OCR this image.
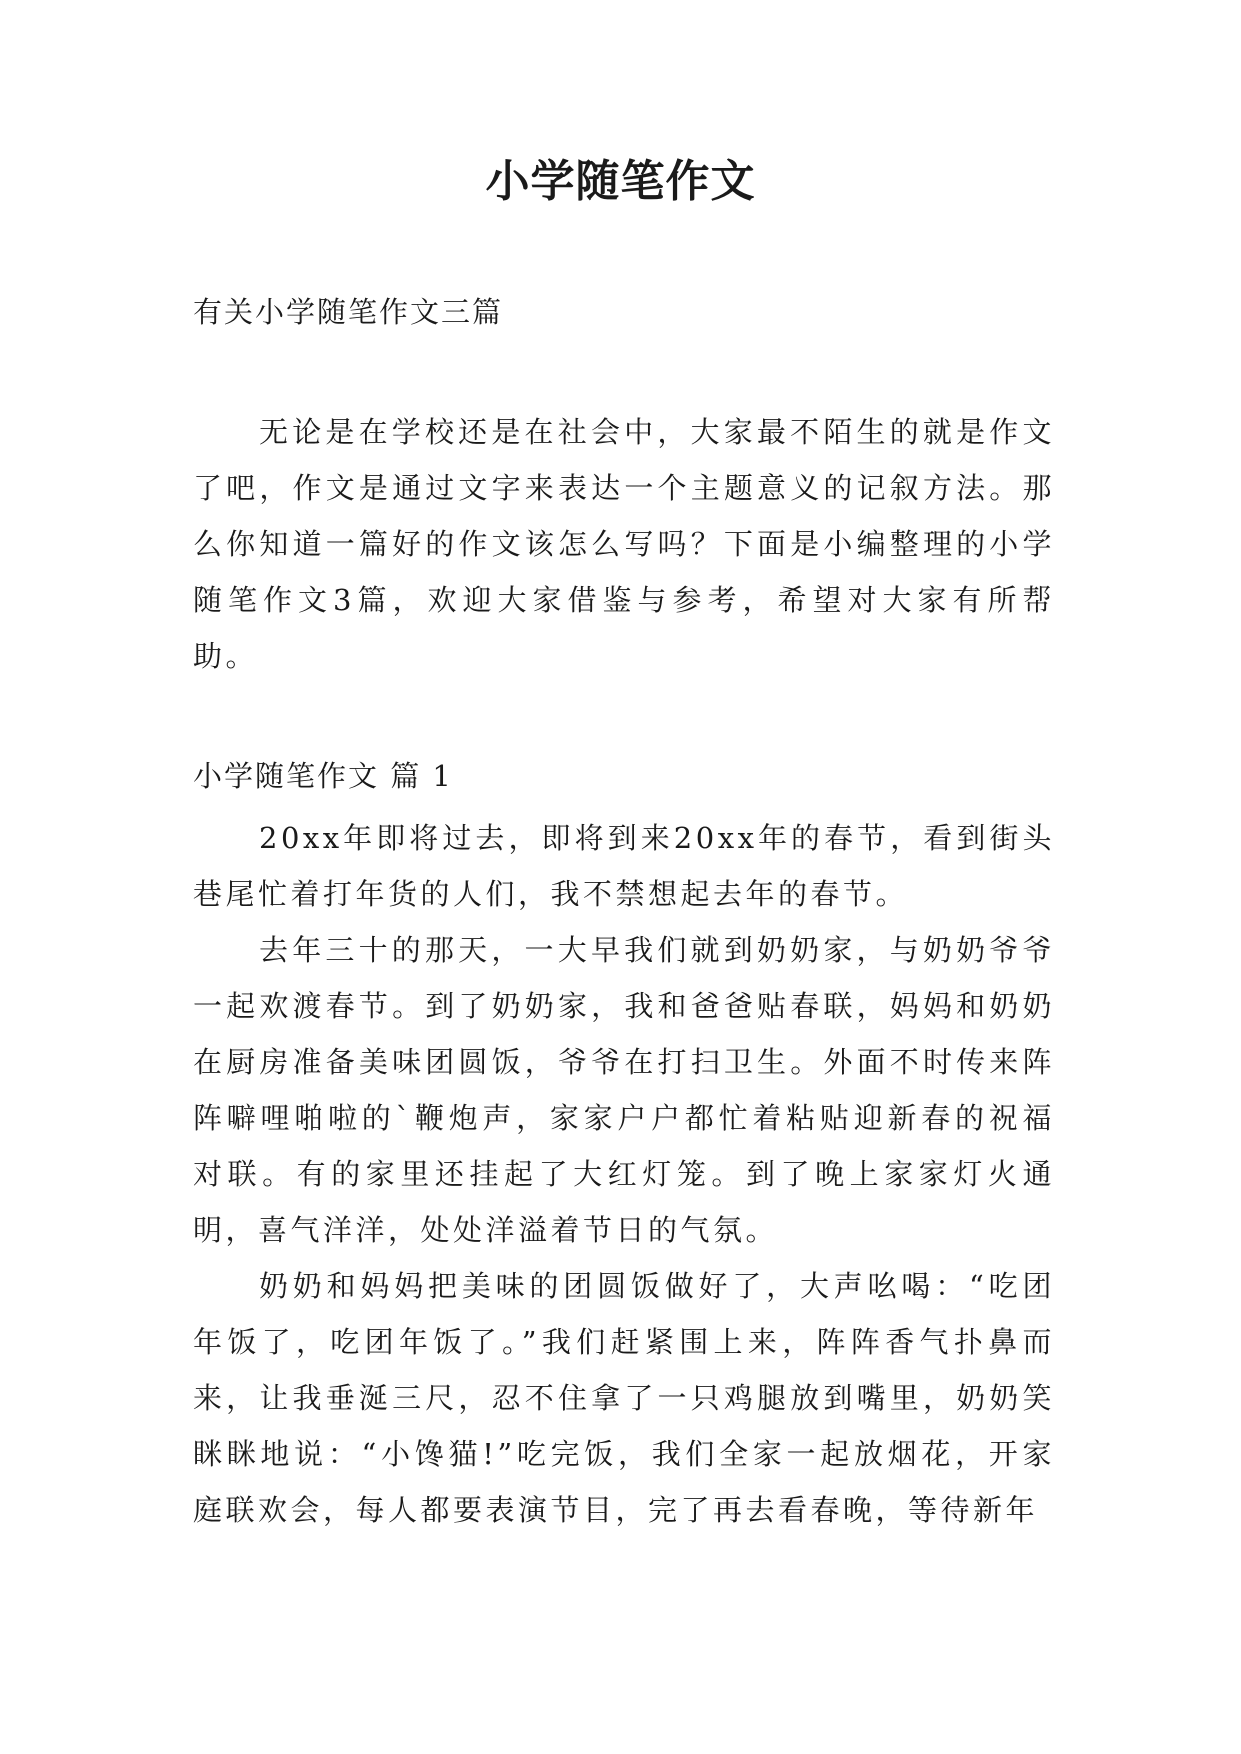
小学随笔作文
有关小学随笔作文三篇

无论是在学校还是在社会中，大家最不陌生的就是作文了吧，作文是通过文字来表达一个主题意义的记叙方法。那么你知道一篇好的作文该怎么写吗？下面是小编整理的小学随笔作文3篇，欢迎大家借鉴与参考，希望对大家有所帮助。

小学随笔作文 篇 1

20xx年即将过去，即将到来20xx年的春节，看到街头巷尾忙着打年货的人们，我不禁想起去年的春节。

去年三十的那天，一大早我们就到奶奶家，与奶奶爷爷一起欢渡春节。到了奶奶家，我和爸爸贴春联，妈妈和奶奶在厨房准备美味团圆饭，爷爷在打扫卫生。外面不时传来阵阵噼哩啪啦的`鞭炮声，家家户户都忙着粘贴迎新春的祝福对联。有的家里还挂起了大红灯笼。到了晚上家家灯火通明，喜气洋洋，处处洋溢着节日的气氛。

奶奶和妈妈把美味的团圆饭做好了，大声吆喝：“吃团年饭了，吃团年饭了。”我们赶紧围上来，阵阵香气扑鼻而来，让我垂涎三尺，忍不住拿了一只鸡腿放到嘴里，奶奶笑眯眯地说：“小馋猫!”吃完饭，我们全家一起放烟花，开家庭联欢会，每人都要表演节目，完了再去看春晚，等待新年
